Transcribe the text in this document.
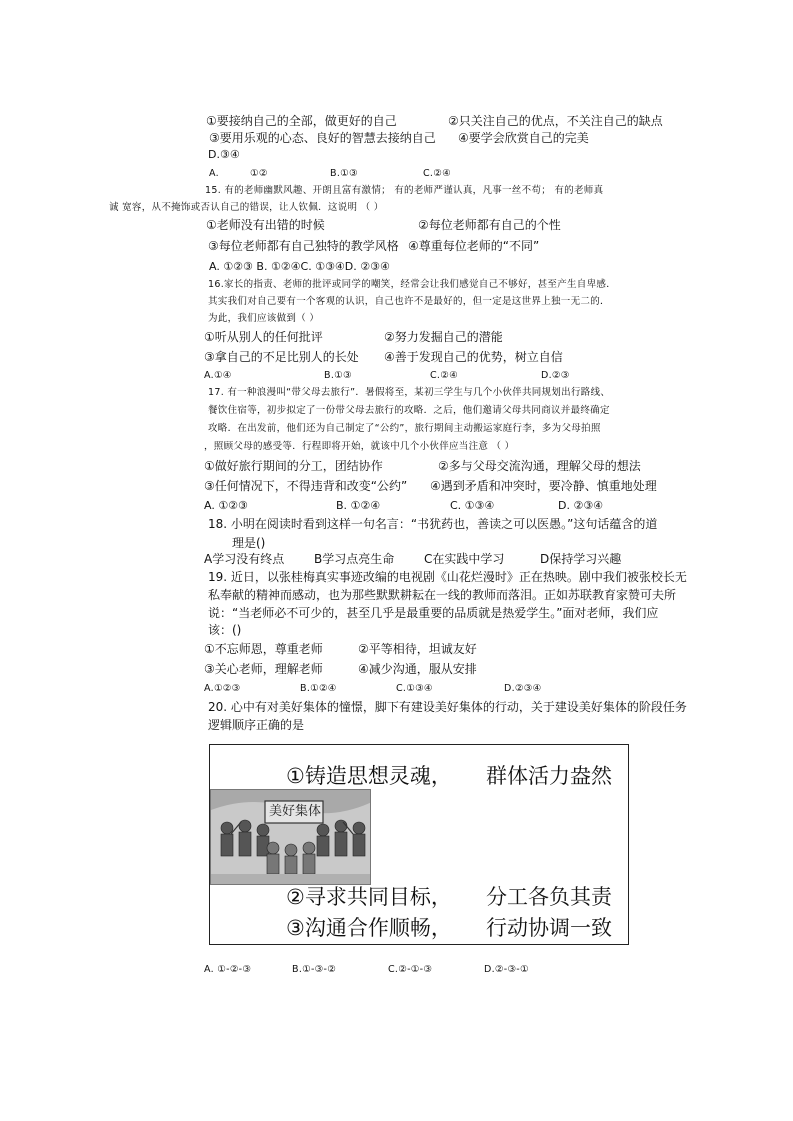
①要接纳自己的全部，做更好的自己	②只关注自己的优点，不关注自己的缺点
③要用乐观的心态、良好的智慧去接纳自己 ④要学会欣赏自己的完美
D.③④
A.	①②	B.①③	C.②④
15. 有的老师幽默风趣、开朗且富有激情； 有的老师严谨认真，凡事一丝不苟； 有的老师真
诚 宽容，从不掩饰或否认自己的错误，让人钦佩．这说明 （ ）
①老师没有出错的时候	②每位老师都有自己的个性
③每位老师都有自己独特的教学风格 ④尊重每位老师的“不同”
A. ①②③ B. ①②④C. ①③④D. ②③④
16.家长的指责、老师的批评或同学的嘲笑，经常会让我们感觉自己不够好，甚至产生自卑感．
其实我们对自己要有一个客观的认识，自己也许不是最好的，但一定是这世界上独一无二的．
为此，我们应该做到（ ）
①听从别人的任何批评	②努力发掘自己的潜能
③拿自己的不足比别人的长处 ④善于发现自己的优势，树立自信
A.①④	B.①③	C.②④	D.②③
17. 有一种浪漫叫“带父母去旅行”．暑假将至，某初三学生与几个小伙伴共同规划出行路线、
餐饮住宿等，初步拟定了一份带父母去旅行的攻略．之后，他们邀请父母共同商议并最终确定
攻略．在出发前，他们还为自己制定了“公约”，旅行期间主动搬运家庭行李，多为父母拍照
，照顾父母的感受等．行程即将开始，就该中几个小伙伴应当注意 （ ）
①做好旅行期间的分工，团结协作	②多与父母交流沟通，理解父母的想法
③任何情况下，不得违背和改变“公约” ④遇到矛盾和冲突时，要冷静、慎重地处理
A. ①②③	B. ①②④	C. ①③④	D. ②③④
18. 小明在阅读时看到这样一句名言：“书犹药也，善读之可以医愚。”这句话蕴含的道
理是()
A学习没有终点 B学习点亮生命 C在实践中学习	D保持学习兴趣
19. 近日，以张桂梅真实事迹改编的电视剧《山花烂漫时》正在热映。剧中我们被张校长无
私奉献的精神而感动，也为那些默默耕耘在一线的教师而落泪。正如苏联教育家赞可夫所
说：“当老师必不可少的，甚至几乎是最重要的品质就是热爱学生。”面对老师，我们应
该：()
①不忘师恩，尊重老师	②平等相待，坦诚友好
③关心老师，理解老师	④减少沟通，服从安排
A.①②③	B.①②④	C.①③④	D.②③④
20. 心中有对美好集体的憧憬，脚下有建设美好集体的行动，关于建设美好集体的阶段任务
逻辑顺序正确的是
①铸造思想灵魂， 群体活力盎然
美好集体
②寻求共同目标， 分工各负其责
③沟通合作顺畅， 行动协调一致
A. ①-②-③	B.①-③-②	C.②-①-③	D.②-③-①
